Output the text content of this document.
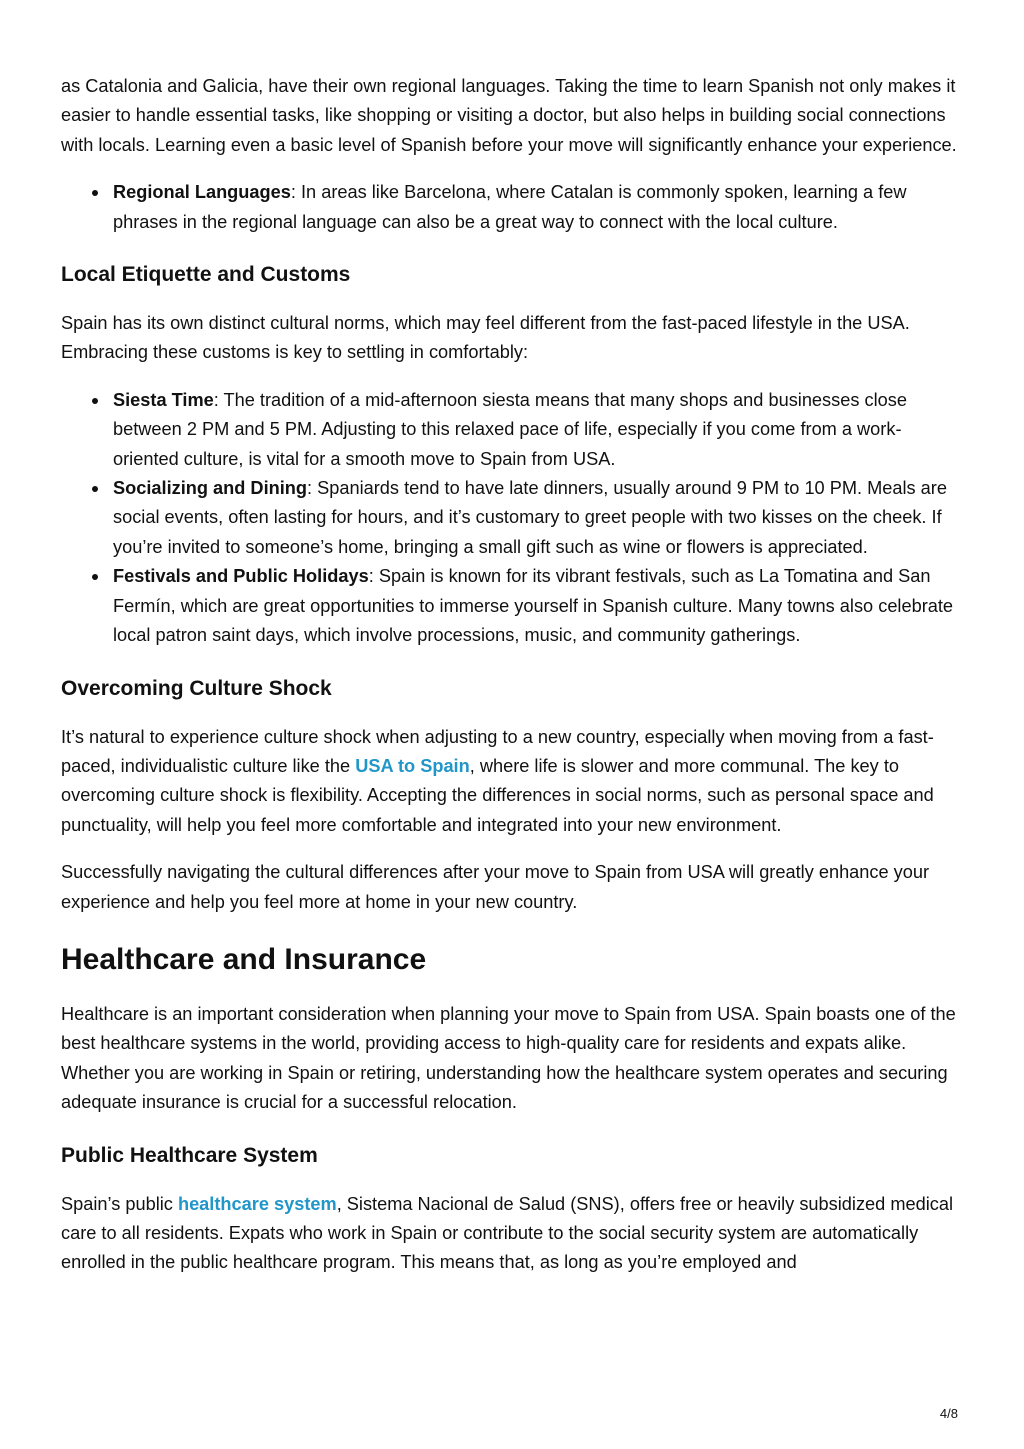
as Catalonia and Galicia, have their own regional languages. Taking the time to learn Spanish not only makes it easier to handle essential tasks, like shopping or visiting a doctor, but also helps in building social connections with locals. Learning even a basic level of Spanish before your move will significantly enhance your experience.

Regional Languages: In areas like Barcelona, where Catalan is commonly spoken, learning a few phrases in the regional language can also be a great way to connect with the local culture.
Local Etiquette and Customs

Spain has its own distinct cultural norms, which may feel different from the fast-paced lifestyle in the USA. Embracing these customs is key to settling in comfortably:

Siesta Time: The tradition of a mid-afternoon siesta means that many shops and businesses close between 2 PM and 5 PM. Adjusting to this relaxed pace of life, especially if you come from a work-oriented culture, is vital for a smooth move to Spain from USA.
Socializing and Dining: Spaniards tend to have late dinners, usually around 9 PM to 10 PM. Meals are social events, often lasting for hours, and it’s customary to greet people with two kisses on the cheek. If you’re invited to someone’s home, bringing a small gift such as wine or flowers is appreciated.
Festivals and Public Holidays: Spain is known for its vibrant festivals, such as La Tomatina and San Fermín, which are great opportunities to immerse yourself in Spanish culture. Many towns also celebrate local patron saint days, which involve processions, music, and community gatherings.
Overcoming Culture Shock

It’s natural to experience culture shock when adjusting to a new country, especially when moving from a fast-paced, individualistic culture like the USA to Spain, where life is slower and more communal. The key to overcoming culture shock is flexibility. Accepting the differences in social norms, such as personal space and punctuality, will help you feel more comfortable and integrated into your new environment.

Successfully navigating the cultural differences after your move to Spain from USA will greatly enhance your experience and help you feel more at home in your new country.

Healthcare and Insurance

Healthcare is an important consideration when planning your move to Spain from USA. Spain boasts one of the best healthcare systems in the world, providing access to high-quality care for residents and expats alike. Whether you are working in Spain or retiring, understanding how the healthcare system operates and securing adequate insurance is crucial for a successful relocation.

Public Healthcare System

Spain’s public healthcare system, Sistema Nacional de Salud (SNS), offers free or heavily subsidized medical care to all residents. Expats who work in Spain or contribute to the social security system are automatically enrolled in the public healthcare program. This means that, as long as you’re employed and

4/8
